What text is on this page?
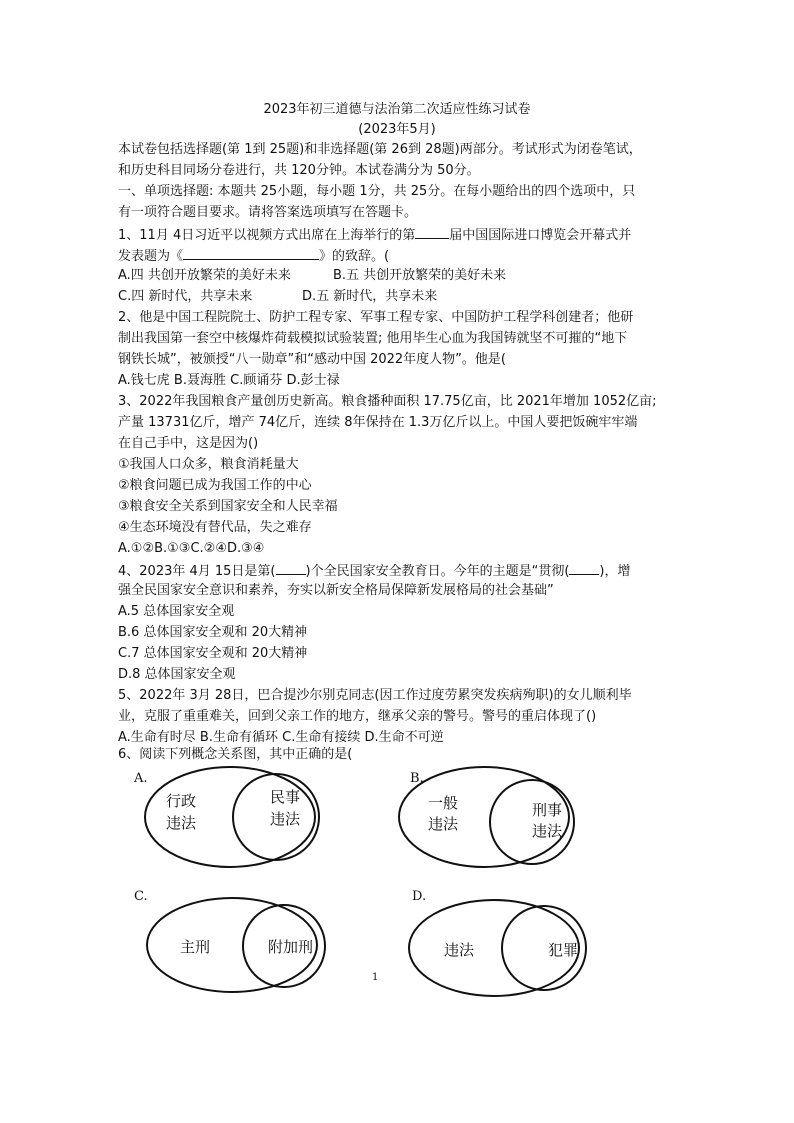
2023年初三道德与法治第二次适应性练习试卷
(2023年5月)
本试卷包括选择题(第 1到 25题)和非选择题(第 26到 28题)两部分。考试形式为闭卷笔试，
和历史科目同场分卷进行，共 120分钟。本试卷满分为 50分。
一、单项选择题: 本题共 25小题，每小题 1分，共 25分。在每小题给出的四个选项中，只
有一项符合题目要求。请将答案选项填写在答题卡。
1、11月 4日习近平以视频方式出席在上海举行的第	届中国国际进口博览会开幕式并
发表题为《	》的致辞。(
A.四 共创开放繁荣的美好未来	B.五 共创开放繁荣的美好未来
C.四 新时代，共享未来	D.五 新时代，共享未来
2、他是中国工程院院士、防护工程专家、军事工程专家、中国防护工程学科创建者；他研
制出我国第一套空中核爆炸荷载模拟试验装置; 他用毕生心血为我国铸就坚不可摧的“地下
钢铁长城”，被颁授“八一勋章”和“感动中国 2022年度人物”。他是(
A.钱七虎 B.聂海胜 C.顾诵芬 D.彭士禄
3、2022年我国粮食产量创历史新高。粮食播种面积 17.75亿亩，比 2021年增加 1052亿亩;
产量 13731亿斤，增产 74亿斤，连续 8年保持在 1.3万亿斤以上。中国人要把饭碗牢牢端
在自己手中，这是因为()
①我国人口众多，粮食消耗量大
②粮食问题已成为我国工作的中心
③粮食安全关系到国家安全和人民幸福
④生态环境没有替代品，失之难存
A.①②B.①③C.②④D.③④
4、2023年 4月 15日是第( )个全民国家安全教育日。今年的主题是“贯彻( )，增
强全民国家安全意识和素养，夯实以新安全格局保障新发展格局的社会基础”
A.5 总体国家安全观
B.6 总体国家安全观和 20大精神
C.7 总体国家安全观和 20大精神
D.8 总体国家安全观
5、2022年 3月 28日，巴合提沙尔别克同志(因工作过度劳累突发疾病殉职)的女儿顺利毕
业，克服了重重难关，回到父亲工作的地方，继承父亲的警号。警号的重启体现了()
A.生命有时尽 B.生命有循环 C.生命有接续 D.生命不可逆
6、阅读下列概念关系图，其中正确的是(
A.
行政
违法
民事
违法
B.
一般
违法
刑事
违法
C.
主刑	附加刑
D.
违法	犯罪
1
